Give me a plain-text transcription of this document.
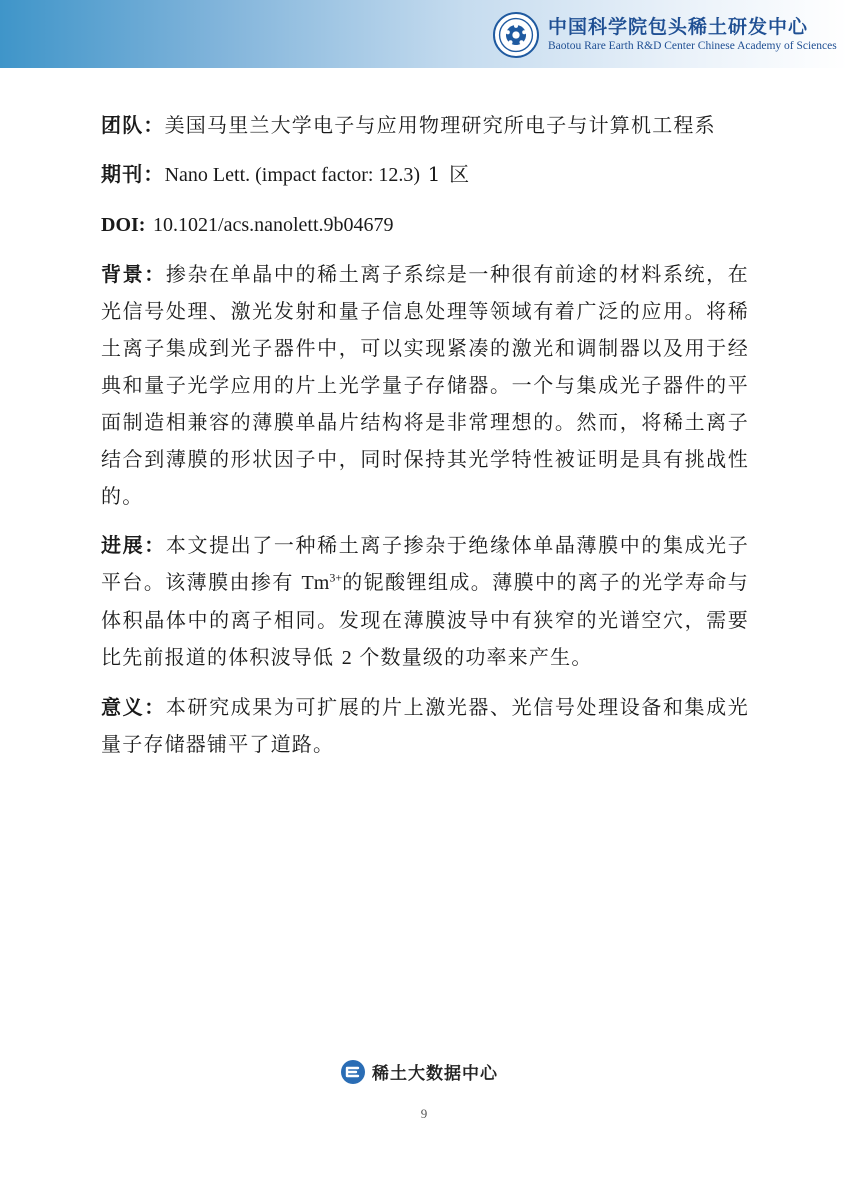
中国科学院包头稀土研发中心
Baotou Rare Earth R&D Center Chinese Academy of Sciences

团队：美国马里兰大学电子与应用物理研究所电子与计算机工程系

期刊：Nano Lett. (impact factor: 12.3) 1 区

DOI: 10.1021/acs.nanolett.9b04679

背景：掺杂在单晶中的稀土离子系综是一种很有前途的材料系统，在光信号处理、激光发射和量子信息处理等领域有着广泛的应用。将稀土离子集成到光子器件中，可以实现紧凑的激光和调制器以及用于经典和量子光学应用的片上光学量子存储器。一个与集成光子器件的平面制造相兼容的薄膜单晶片结构将是非常理想的。然而，将稀土离子结合到薄膜的形状因子中，同时保持其光学特性被证明是具有挑战性的。

进展：本文提出了一种稀土离子掺杂于绝缘体单晶薄膜中的集成光子平台。该薄膜由掺有 $Tm^{3+}$的铌酸锂组成。薄膜中的离子的光学寿命与体积晶体中的离子相同。发现在薄膜波导中有狭窄的光谱空穴，需要比先前报道的体积波导低 2 个数量级的功率来产生。

意义：本研究成果为可扩展的片上激光器、光信号处理设备和集成光量子存储器铺平了道路。

稀土大数据中心
9
